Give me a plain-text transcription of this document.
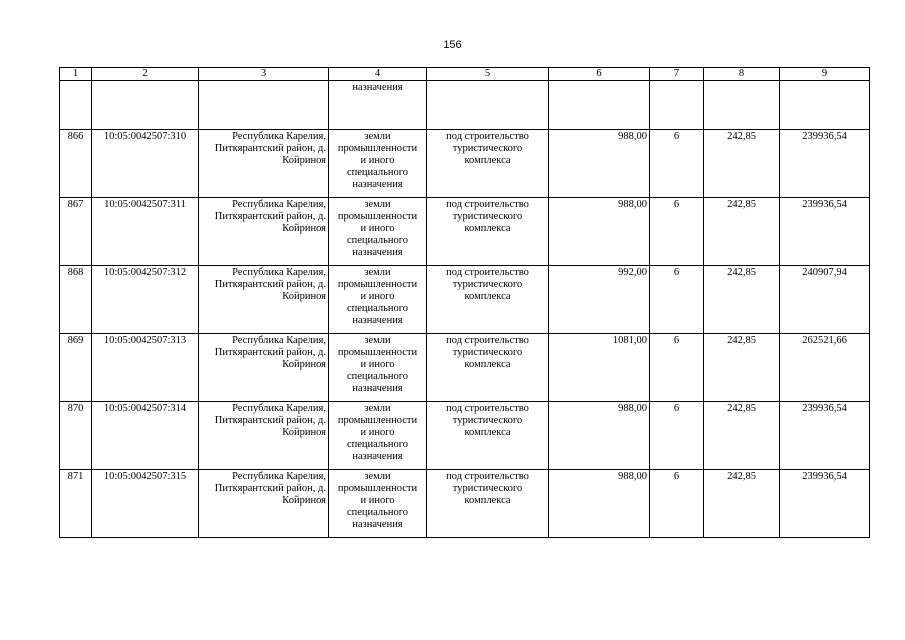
156
1	2	3	4	5	6	7	8	9

			назначения					

866	10:05:0042507:310	Республика Карелия,
Питкярантский район, д.
Койриноя	земли
промышленности
и иного
специального
назначения	под строительство
туристического
комплекса	988,00	6	242,85	239936,54
867	10:05:0042507:311	Республика Карелия,
Питкярантский район, д.
Койриноя	земли
промышленности
и иного
специального
назначения	под строительство
туристического
комплекса	988,00	6	242,85	239936,54
868	10:05:0042507:312	Республика Карелия,
Питкярантский район, д.
Койриноя	земли
промышленности
и иного
специального
назначения	под строительство
туристического
комплекса	992,00	6	242,85	240907,94
869	10:05:0042507:313	Республика Карелия,
Питкярантский район, д.
Койриноя	земли
промышленности
и иного
специального
назначения	под строительство
туристического
комплекса	1081,00	6	242,85	262521,66
870	10:05:0042507:314	Республика Карелия,
Питкярантский район, д.
Койриноя	земли
промышленности
и иного
специального
назначения	под строительство
туристического
комплекса	988,00	6	242,85	239936,54
871	10:05:0042507:315	Республика Карелия,
Питкярантский район, д.
Койриноя	земли
промышленности
и иного
специального
назначения	под строительство
туристического
комплекса	988,00	6	242,85	239936,54
